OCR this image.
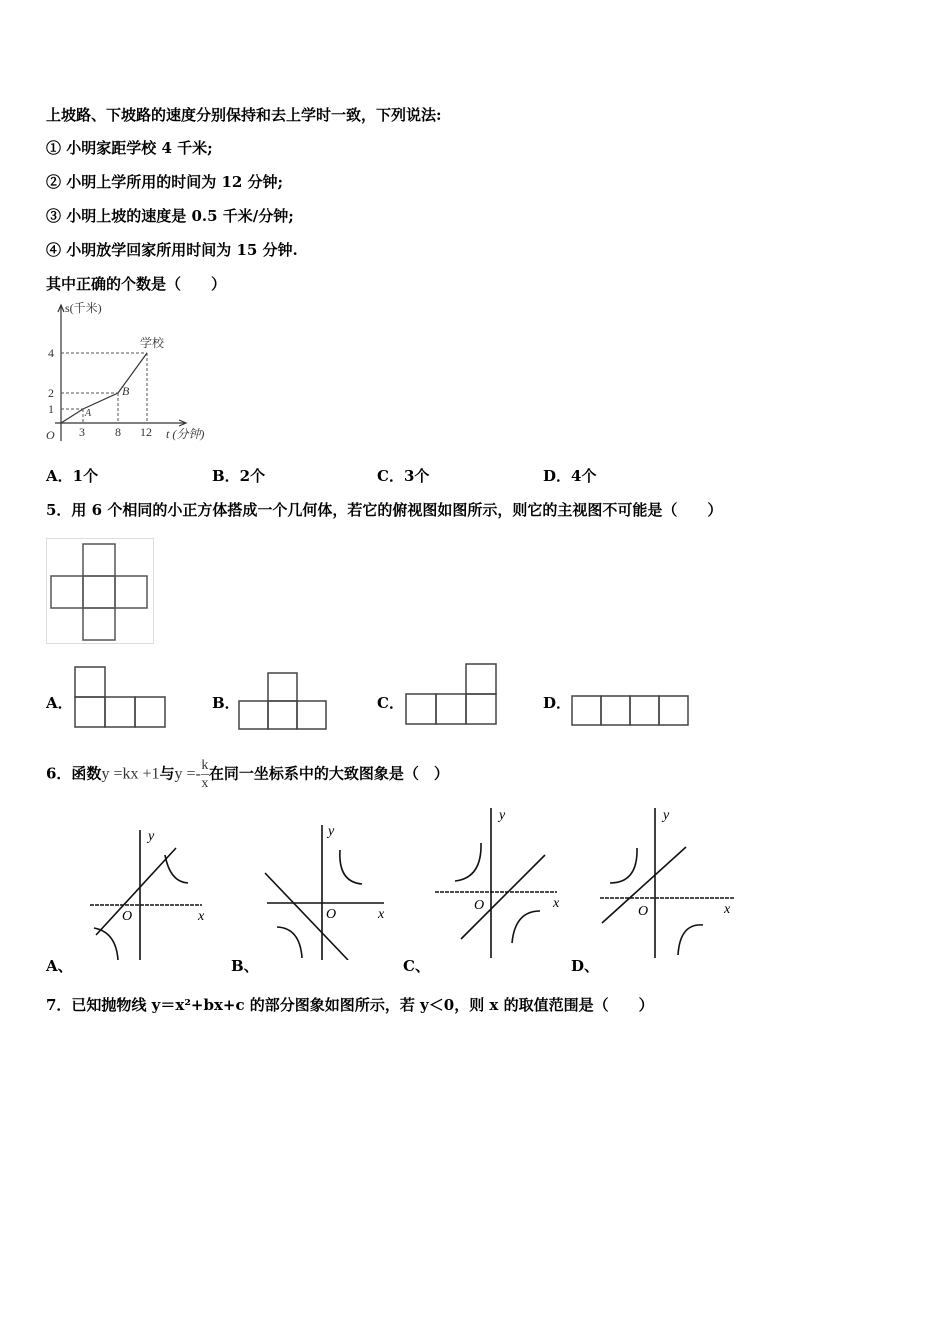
上坡路、下坡路的速度分别保持和去上学时一致，下列说法:
① 小明家距学校 4 千米;
② 小明上学所用的时间为 12 分钟;
③ 小明上坡的速度是 0.5 千米/分钟;
④ 小明放学回家所用时间为 15 分钟.
其中正确的个数是（　　）
s(千米)
学校
4
2
1
O 3	8 12 t (分钟)
A
B
A．1个	B．2个	C．3个	D．4个
5．用 6 个相同的小正方体搭成一个几何体，若它的俯视图如图所示，则它的主视图不可能是（　　）
A．	B．	C．	D．
6．函数y =kx +1与$y =- \frac{k}{x}$ 在同一坐标系中的大致图象是（　）
y
x
O
y
x
O
y
x
O
y
x
O
A、	B、	C、	D、
7．已知抛物线 y＝x²+bx+c 的部分图象如图所示，若 y＜0，则 x 的取值范围是（　　）
